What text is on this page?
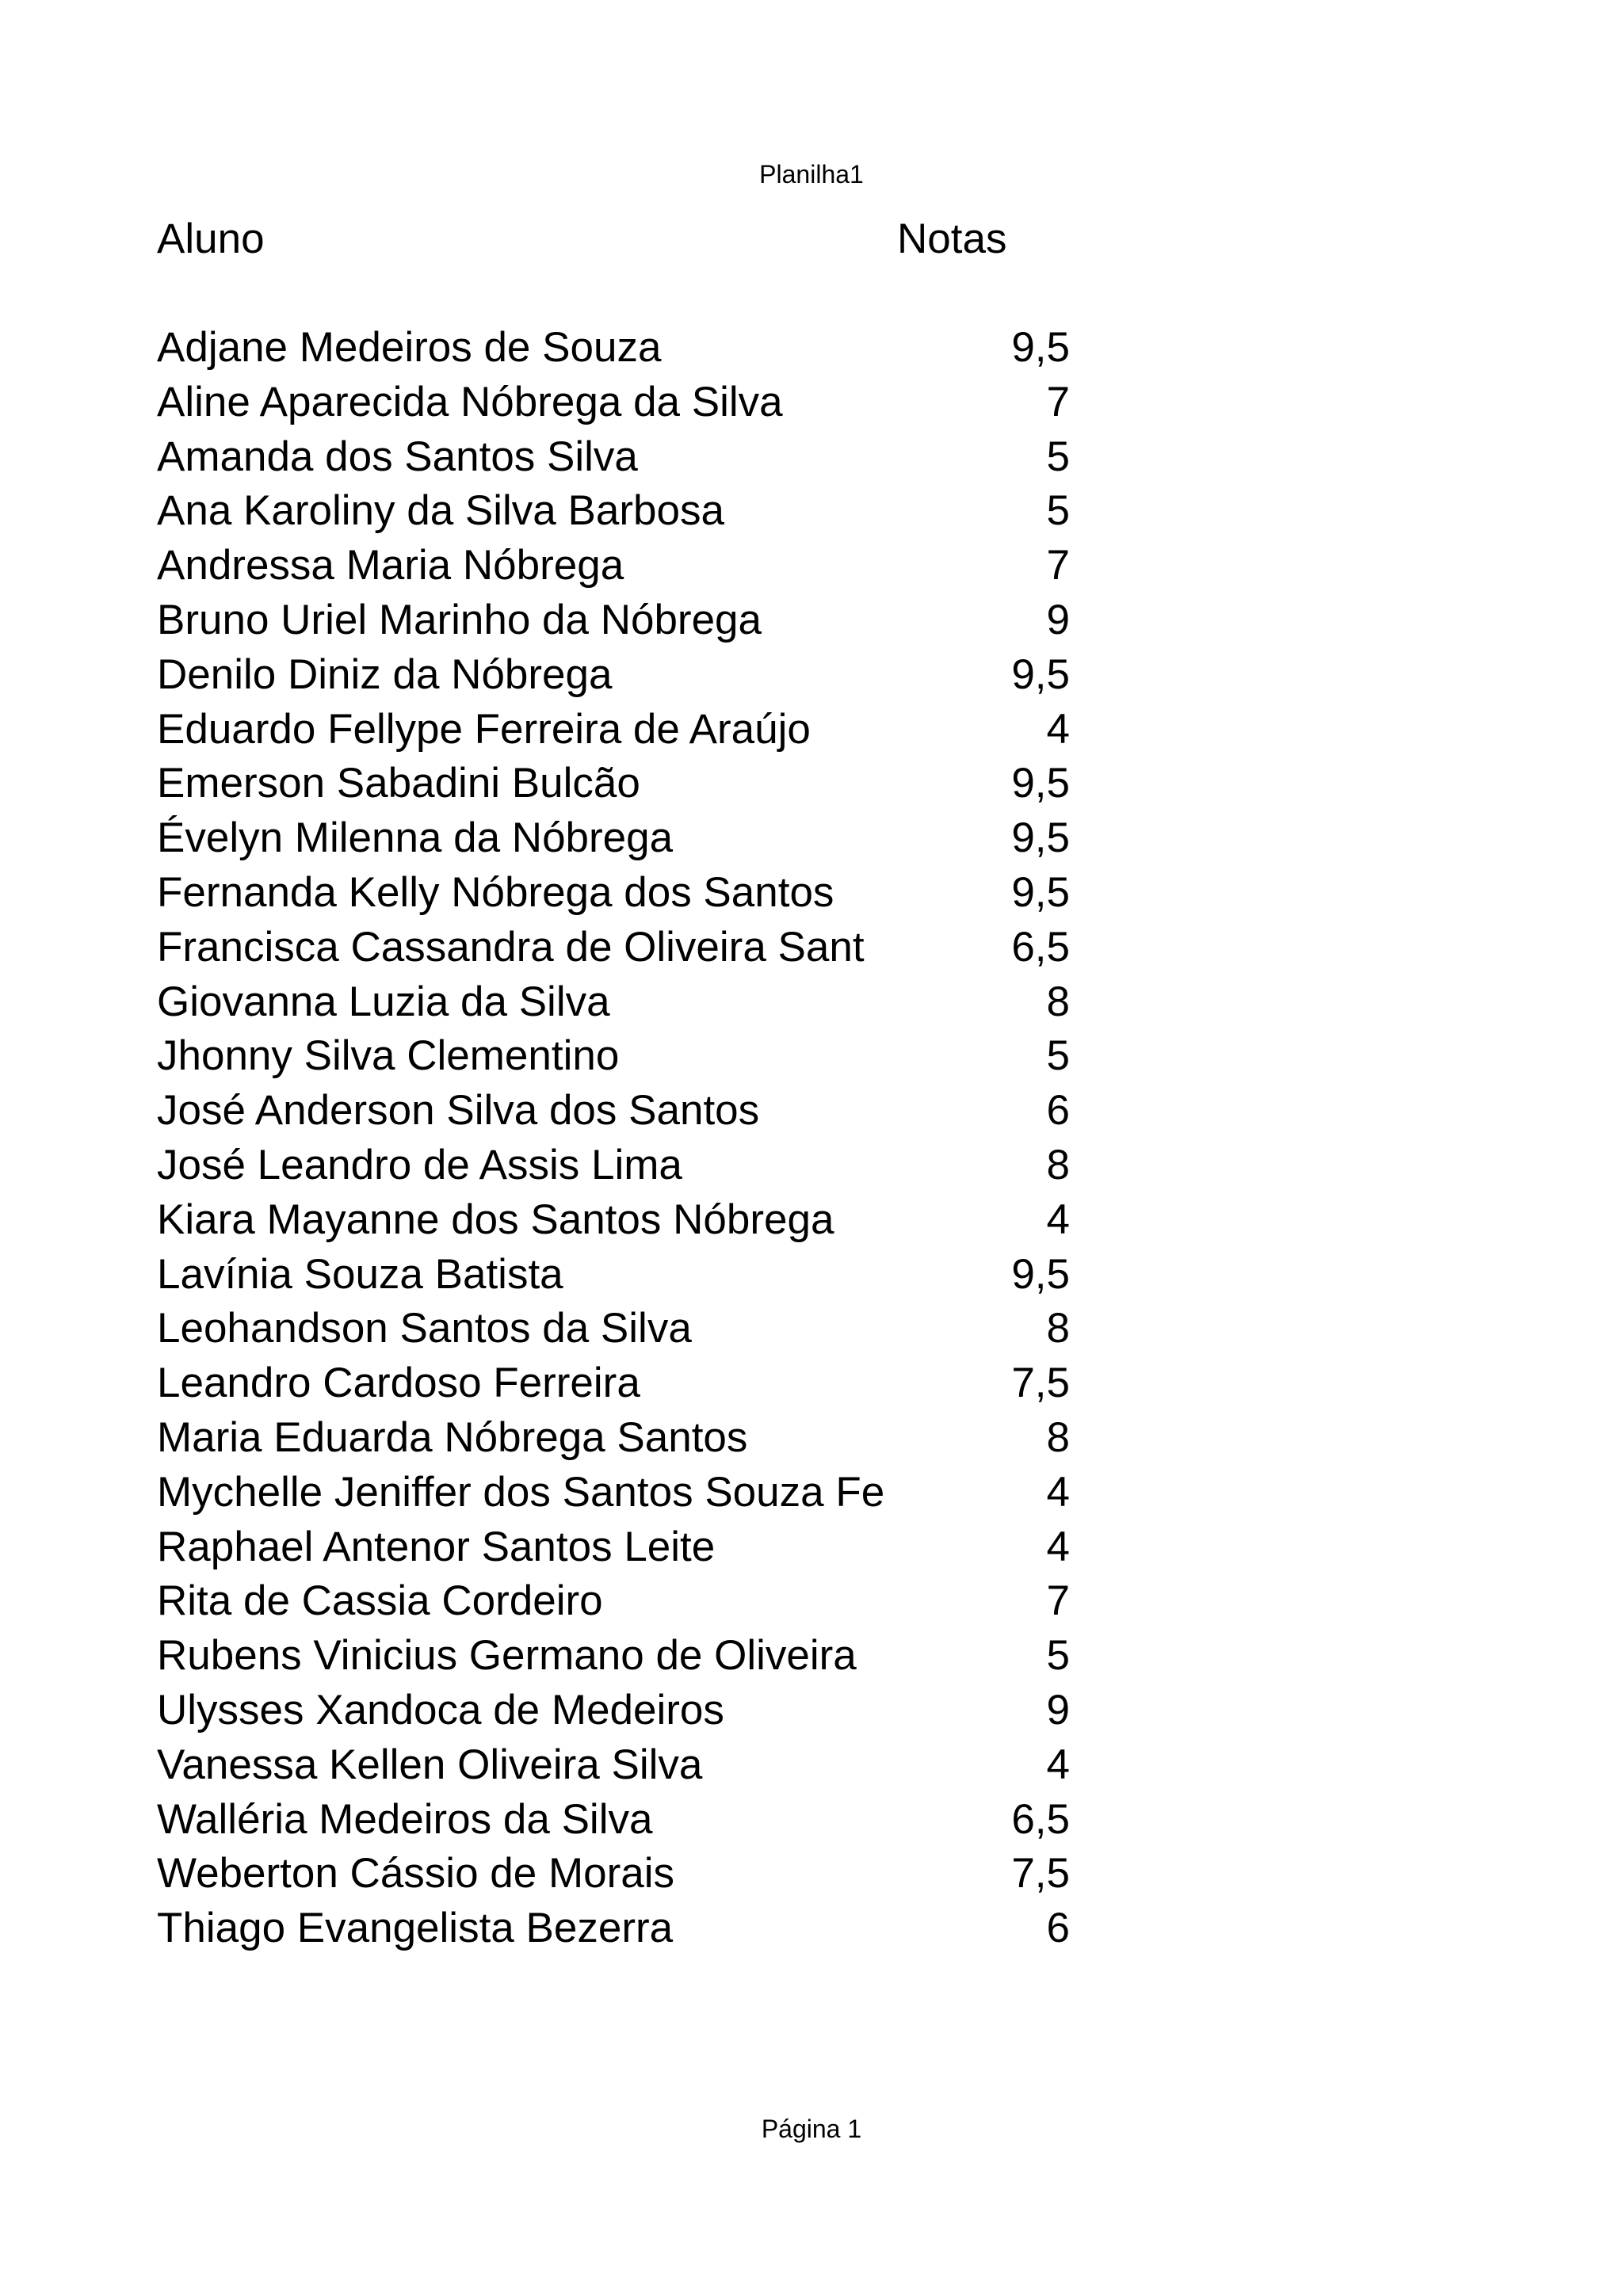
Planilha1
Aluno	Notas
Adjane Medeiros de Souza	9,5
Aline Aparecida Nóbrega da Silva	7
Amanda dos Santos Silva	5
Ana Karoliny da Silva Barbosa	5
Andressa Maria Nóbrega	7
Bruno Uriel Marinho da Nóbrega	9
Denilo Diniz da Nóbrega	9,5
Eduardo Fellype Ferreira de Araújo	4
Emerson Sabadini Bulcão	9,5
Évelyn Milenna da Nóbrega	9,5
Fernanda Kelly Nóbrega dos Santos	9,5
Francisca Cassandra de Oliveira Sant	6,5
Giovanna Luzia da Silva	8
Jhonny Silva Clementino	5
José Anderson Silva dos Santos	6
José Leandro de Assis Lima	8
Kiara Mayanne dos Santos Nóbrega	4
Lavínia Souza Batista	9,5
Leohandson Santos da Silva	8
Leandro Cardoso Ferreira	7,5
Maria Eduarda Nóbrega Santos	8
Mychelle Jeniffer dos Santos Souza Fe	4
Raphael Antenor Santos Leite	4
Rita de Cassia Cordeiro	7
Rubens Vinicius Germano de Oliveira	5
Ulysses Xandoca de Medeiros	9
Vanessa Kellen Oliveira Silva	4
Walléria Medeiros da Silva	6,5
Weberton Cássio de Morais	7,5
Thiago Evangelista Bezerra	6
Página 1
